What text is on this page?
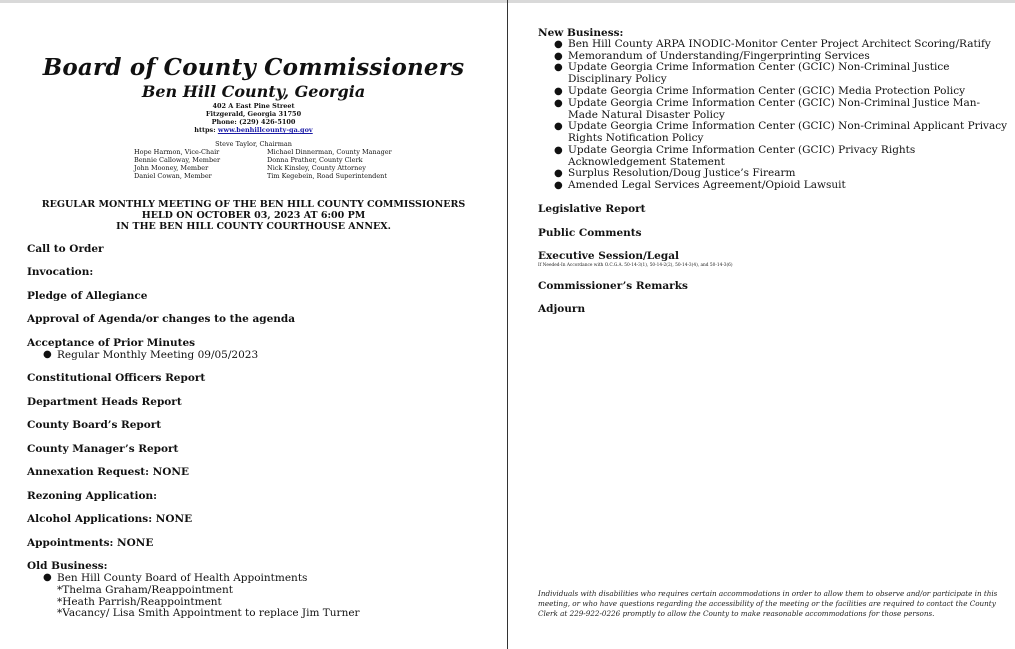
Board of County Commissioners
Ben Hill County, Georgia
402 A East Pine Street
Fitzgerald, Georgia 31750
Phone: (229) 426-5100
https: www.benhillcounty-ga.gov
Steve Taylor, Chairman
Hope Harmon, Vice-Chair
Bennie Calloway, Member
John Mooney, Member
Daniel Cowan, Member
Michael Dinnerman, County Manager
Donna Prather, County Clerk
Nick Kinsley, County Attorney
Tim Kegebein, Road Superintendent
REGULAR MONTHLY MEETING OF THE BEN HILL COUNTY COMMISSIONERS
HELD ON OCTOBER 03, 2023 AT 6:00 PM
IN THE BEN HILL COUNTY COURTHOUSE ANNEX.
Call to Order
Invocation:
Pledge of Allegiance
Approval of Agenda/or changes to the agenda
Acceptance of Prior Minutes
● Regular Monthly Meeting 09/05/2023
Constitutional Officers Report
Department Heads Report
County Board’s Report
County Manager’s Report
Annexation Request: NONE
Rezoning Application:
Alcohol Applications: NONE
Appointments: NONE
Old Business:
● Ben Hill County Board of Health Appointments
*Thelma Graham/Reappointment
*Heath Parrish/Reappointment
*Vacancy/ Lisa Smith Appointment to replace Jim Turner
New Business:
● Ben Hill County ARPA INODIC-Monitor Center Project Architect Scoring/Ratify
● Memorandum of Understanding/Fingerprinting Services
● Update Georgia Crime Information Center (GCIC) Non-Criminal Justice Disciplinary Policy
● Update Georgia Crime Information Center (GCIC) Media Protection Policy
● Update Georgia Crime Information Center (GCIC) Non-Criminal Justice Man-Made Natural Disaster Policy
● Update Georgia Crime Information Center (GCIC) Non-Criminal Applicant Privacy Rights Notification Policy
● Update Georgia Crime Information Center (GCIC) Privacy Rights Acknowledgement Statement
● Surplus Resolution/Doug Justice’s Firearm
● Amended Legal Services Agreement/Opioid Lawsuit
Legislative Report
Public Comments
Executive Session/Legal
If Needed-In Accordance with O.C.G.A. 50-14-3(1), 50-14-2(2), 50-14-3(4), and 50-14-3(6)
Commissioner’s Remarks
Adjourn
Individuals with disabilities who requires certain accommodations in order to allow them to observe and/or participate in this meeting, or who have questions regarding the accessibility of the meeting or the facilities are required to contact the County Clerk at 229-922-0226 promptly to allow the County to make reasonable accommodations for those persons.
